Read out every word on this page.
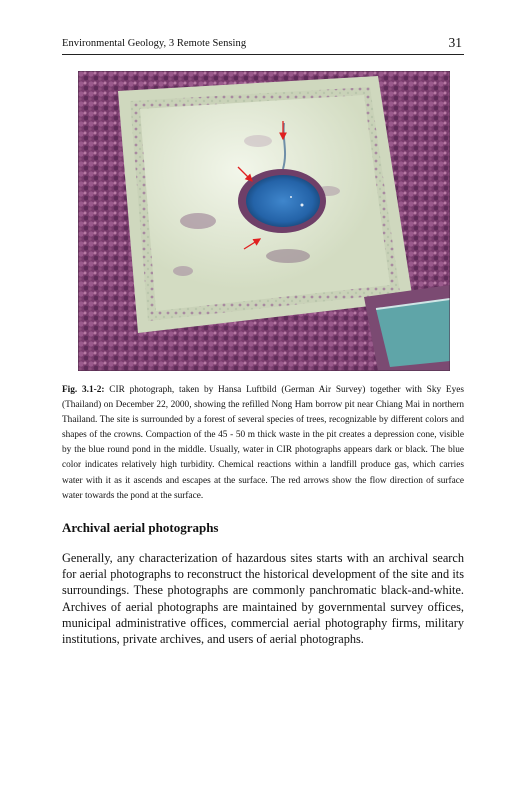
Environmental Geology, 3 Remote Sensing	31
Fig. 3.1-2: CIR photograph, taken by Hansa Luftbild (German Air Survey) together with Sky Eyes (Thailand) on December 22, 2000, showing the refilled Nong Ham borrow pit near Chiang Mai in northern Thailand. The site is surrounded by a forest of several species of trees, recognizable by different colors and shapes of the crowns. Compaction of the 45 - 50 m thick waste in the pit creates a depression cone, visible by the blue round pond in the middle. Usually, water in CIR photographs appears dark or black. The blue color indicates relatively high turbidity. Chemical reactions within a landfill produce gas, which carries water with it as it ascends and escapes at the surface. The red arrows show the flow direction of surface water towards the pond at the surface.
Archival aerial photographs
Generally, any characterization of hazardous sites starts with an archival search for aerial photographs to reconstruct the historical development of the site and its surroundings. These photographs are commonly panchromatic black-and-white. Archives of aerial photographs are maintained by governmental survey offices, municipal administrative offices, commercial aerial photography firms, military institutions, private archives, and users of aerial photographs.
